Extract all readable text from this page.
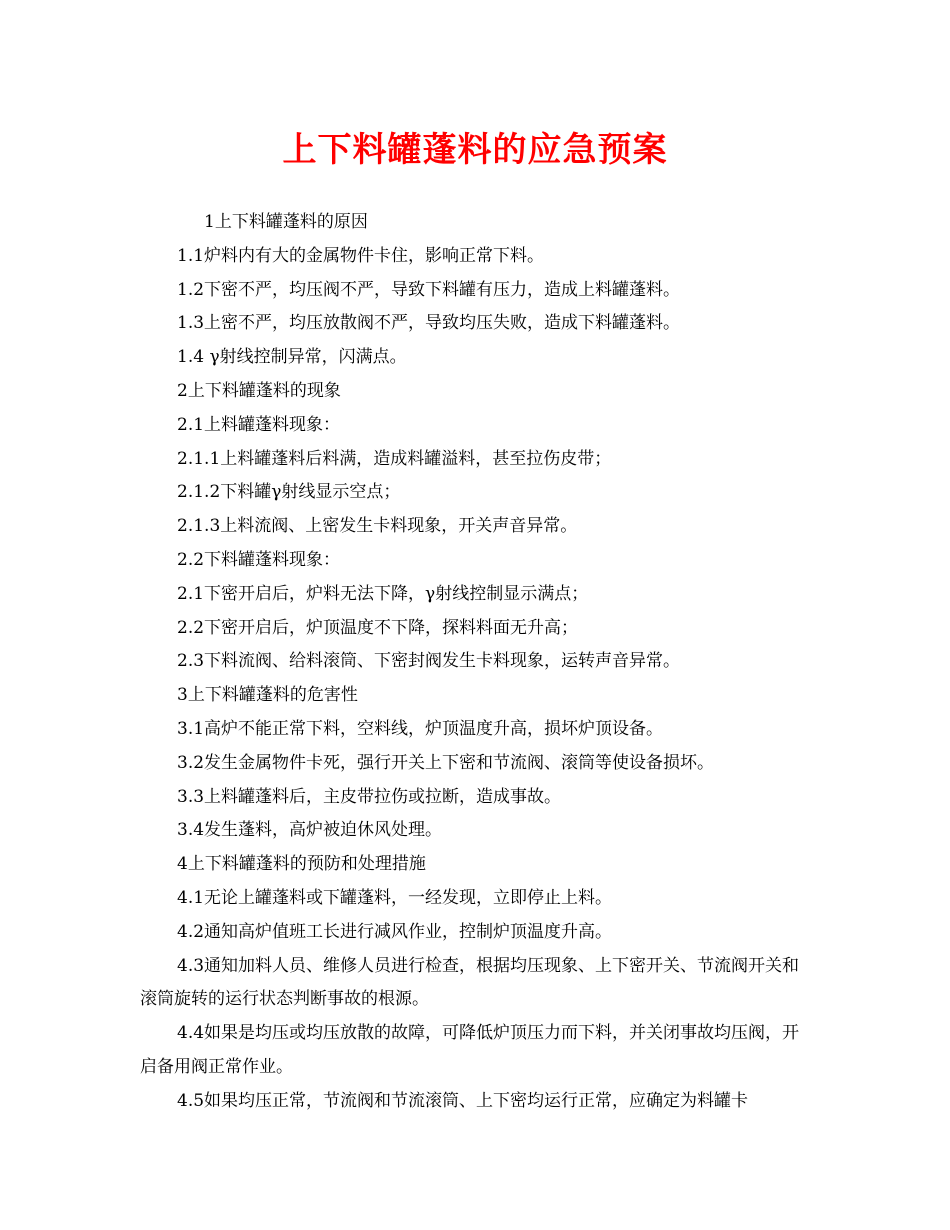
上下料罐蓬料的应急预案

1上下料罐蓬料的原因

1.1炉料内有大的金属物件卡住，影响正常下料。

1.2下密不严，均压阀不严，导致下料罐有压力，造成上料罐蓬料。

1.3上密不严，均压放散阀不严，导致均压失败，造成下料罐蓬料。

1.4 γ射线控制异常，闪满点。

2上下料罐蓬料的现象

2.1上料罐蓬料现象：

2.1.1上料罐蓬料后料满，造成料罐溢料，甚至拉伤皮带；

2.1.2下料罐γ射线显示空点；

2.1.3上料流阀、上密发生卡料现象，开关声音异常。

2.2下料罐蓬料现象：

2.1下密开启后，炉料无法下降，γ射线控制显示满点；

2.2下密开启后，炉顶温度不下降，探料料面无升高；

2.3下料流阀、给料滚筒、下密封阀发生卡料现象，运转声音异常。

3上下料罐蓬料的危害性

3.1高炉不能正常下料，空料线，炉顶温度升高，损坏炉顶设备。

3.2发生金属物件卡死，强行开关上下密和节流阀、滚筒等使设备损坏。

3.3上料罐蓬料后，主皮带拉伤或拉断，造成事故。

3.4发生蓬料，高炉被迫休风处理。

4上下料罐蓬料的预防和处理措施

4.1无论上罐蓬料或下罐蓬料，一经发现，立即停止上料。

4.2通知高炉值班工长进行减风作业，控制炉顶温度升高。

4.3通知加料人员、维修人员进行检查，根据均压现象、上下密开关、节流阀开关和滚筒旋转的运行状态判断事故的根源。

4.4如果是均压或均压放散的故障，可降低炉顶压力而下料，并关闭事故均压阀，开启备用阀正常作业。

4.5如果均压正常，节流阀和节流滚筒、上下密均运行正常，应确定为料罐卡
